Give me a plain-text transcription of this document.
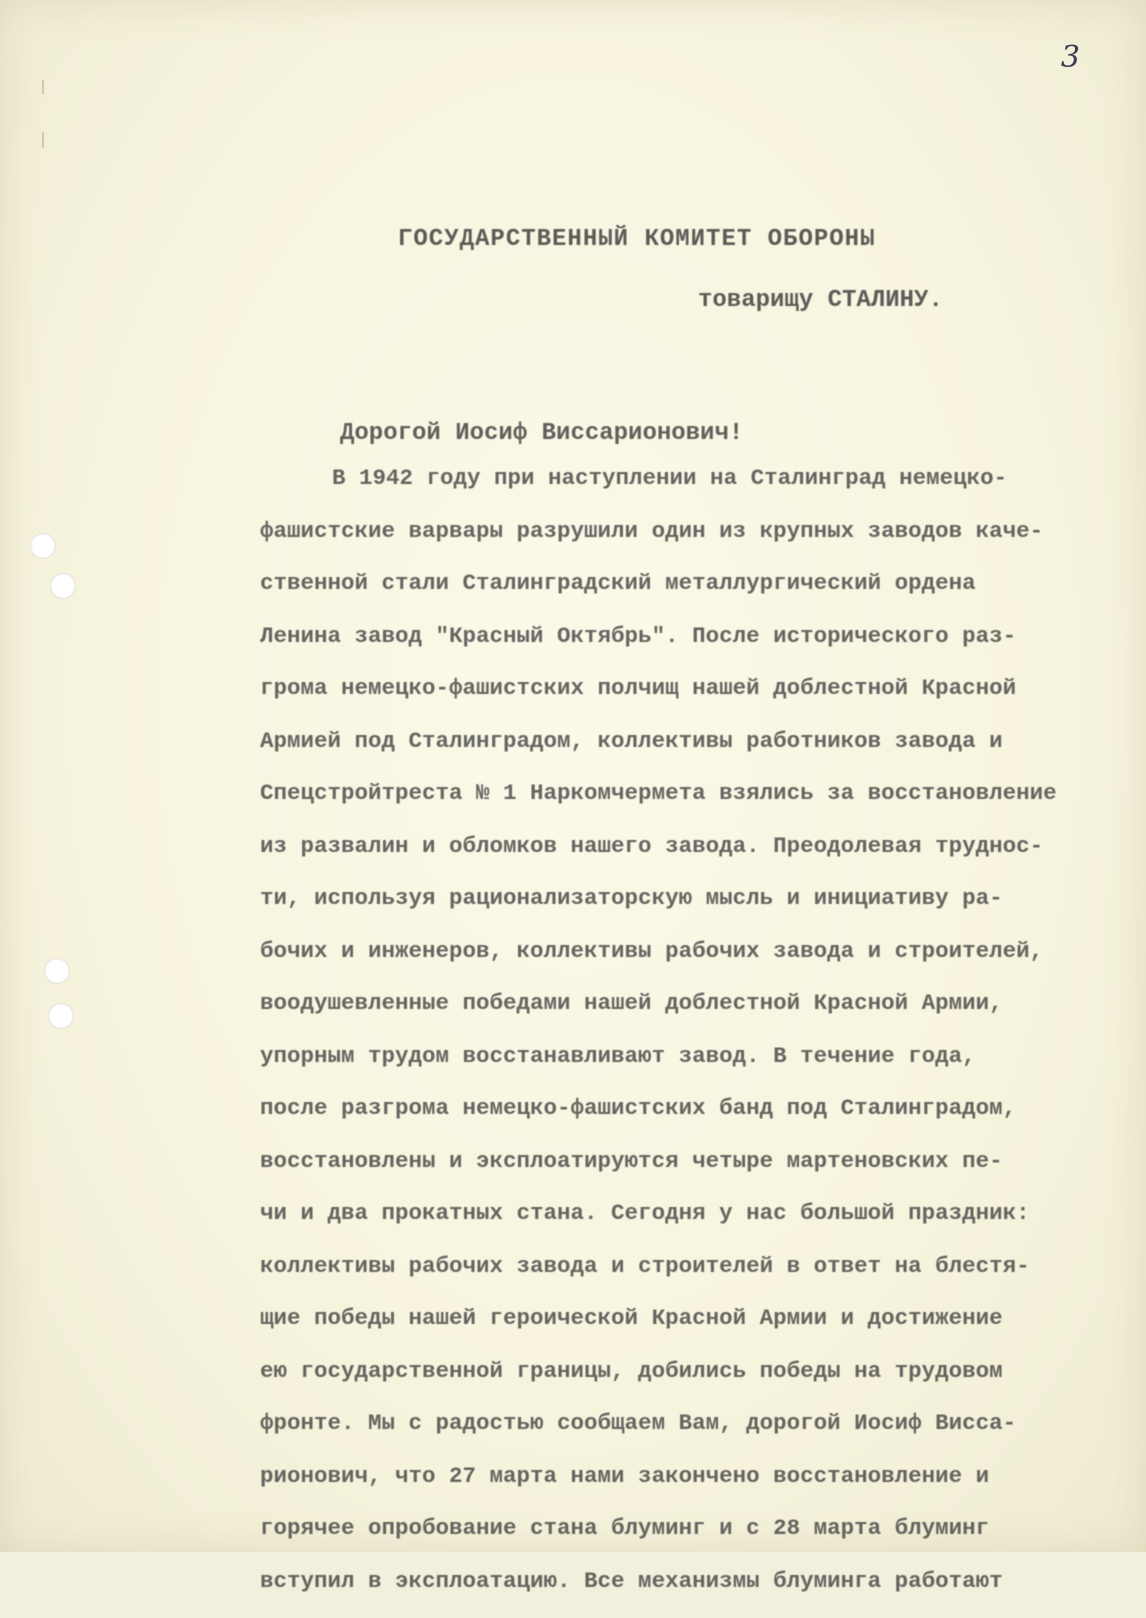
3
ГОСУДАРСТВЕННЫЙ КОМИТЕТ ОБОРОНЫ
товарищу СТАЛИНУ.
Дорогой Иосиф Виссарионович!
В 1942 году при наступлении на Сталинград немецко-
фашистские варвары разрушили один из крупных заводов каче-
ственной стали Сталинградский металлургический ордена
Ленина завод "Красный Октябрь". После исторического раз-
грома немецко-фашистских полчищ нашей доблестной Красной
Армией под Сталинградом, коллективы работников завода и
Спецстройтреста № 1 Наркомчермета взялись за восстановление
из развалин и обломков нашего завода. Преодолевая труднос-
ти, используя рационализаторскую мысль и инициативу ра-
бочих и инженеров, коллективы рабочих завода и строителей,
воодушевленные победами нашей доблестной Красной Армии,
упорным трудом восстанавливают завод. В течение года,
после разгрома немецко-фашистских банд под Сталинградом,
восстановлены и эксплоатируются четыре мартеновских пе-
чи и два прокатных стана. Сегодня у нас большой праздник:
коллективы рабочих завода и строителей в ответ на блестя-
щие победы нашей героической Красной Армии и достижение
ею государственной границы, добились победы на трудовом
фронте. Мы с радостью сообщаем Вам, дорогой Иосиф Висса-
рионович, что 27 марта нами закончено восстановление и
горячее опробование стана блуминг и с 28 марта блуминг
вступил в эксплоатацию. Все механизмы блуминга работают
